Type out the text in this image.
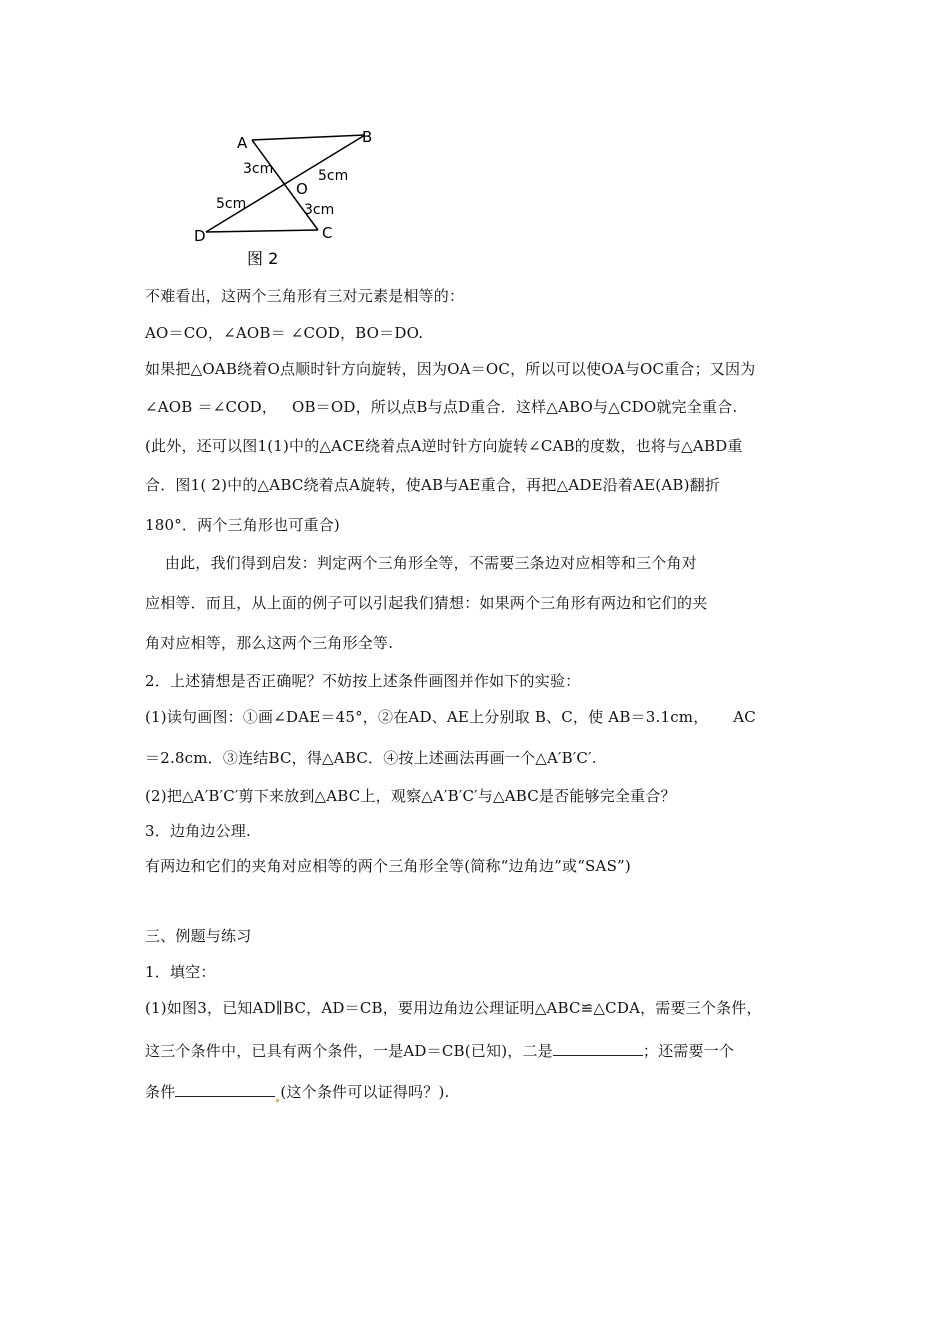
A	B
C
D
O
3cm	5cm
5cm	3cm
图 2
不难看出，这两个三角形有三对元素是相等的：
AO＝CO，∠AOB＝ ∠COD，BO＝DO.
如果把△OAB绕着O点顺时针方向旋转，因为OA＝OC，所以可以使OA与OC重合；又因为
∠AOB ＝∠COD，   OB＝OD，所以点B与点D重合．这样△ABO与△CDO就完全重合.
(此外，还可以图1(1)中的△ACE绕着点A逆时针方向旋转∠CAB的度数，也将与△ABD重
合．图1( 2)中的△ABC绕着点A旋转，使AB与AE重合，再把△ADE沿着AE(AB)翻折
180°．两个三角形也可重合)
由此，我们得到启发：判定两个三角形全等，不需要三条边对应相等和三个角对
应相等．而且，从上面的例子可以引起我们猜想：如果两个三角形有两边和它们的夹
角对应相等，那么这两个三角形全等.
2．上述猜想是否正确呢？不妨按上述条件画图并作如下的实验：
(1)读句画图：①画∠DAE＝45°，②在AD、AE上分别取 B、C，使 AB＝3.1cm，     AC
＝2.8cm．③连结BC，得△ABC．④按上述画法再画一个△A′B′C′.
(2)把△A′B′C′剪下来放到△ABC上，观察△A′B′C′与△ABC是否能够完全重合？
3．边角边公理.
有两边和它们的夹角对应相等的两个三角形全等(简称“边角边”或“SAS”)
三、例题与练习
1．填空：
(1)如图3，已知AD∥BC，AD＝CB，要用边角边公理证明△ABC≌△CDA，需要三个条件，
这三个条件中，已具有两个条件，一是AD＝CB(已知)，二是	；还需要一个
条件	(这个条件可以证得吗？).
